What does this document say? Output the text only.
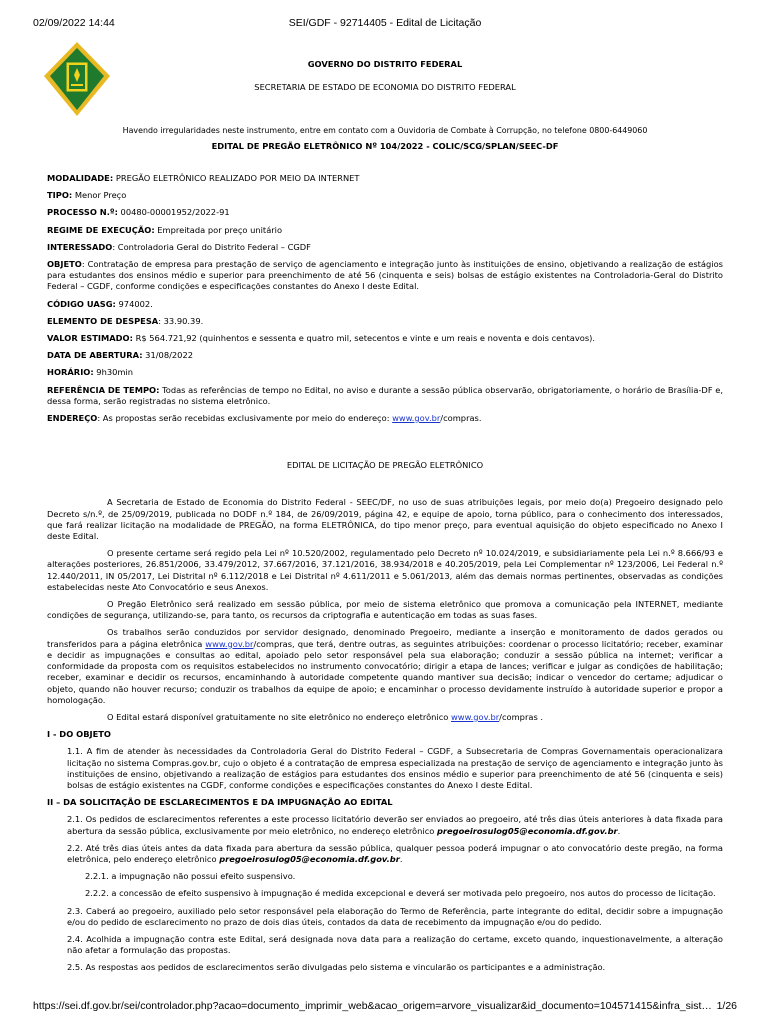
02/09/2022 14:44	SEI/GDF - 92714405 - Edital de Licitação
GOVERNO DO DISTRITO FEDERAL
SECRETARIA DE ESTADO DE ECONOMIA DO DISTRITO FEDERAL
Havendo irregularidades neste instrumento, entre em contato com a Ouvidoria de Combate à Corrupção, no telefone 0800-6449060
EDITAL DE PREGÃO ELETRÔNICO Nº 104/2022 - COLIC/SCG/SPLAN/SEEC-DF

MODALIDADE: PREGÃO ELETRÔNICO REALIZADO POR MEIO DA INTERNET

TIPO: Menor Preço

PROCESSO N.º: 00480-00001952/2022-91

REGIME DE EXECUÇÃO: Empreitada por preço unitário

INTERESSADO: Controladoria Geral do Distrito Federal – CGDF

OBJETO: Contratação de empresa para prestação de serviço de agenciamento e integração junto às instituições de ensino, objetivando a realização de estágios para estudantes dos ensinos médio e superior para preenchimento de até 56 (cinquenta e seis) bolsas de estágio existentes na Controladoria-Geral do Distrito Federal – CGDF, conforme condições e especificações constantes do Anexo I deste Edital.

CÓDIGO UASG: 974002.

ELEMENTO DE DESPESA: 33.90.39.

VALOR ESTIMADO: R$ 564.721,92 (quinhentos e sessenta e quatro mil, setecentos e vinte e um reais e noventa e dois centavos).

DATA DE ABERTURA: 31/08/2022

HORÁRIO: 9h30min

REFERÊNCIA DE TEMPO: Todas as referências de tempo no Edital, no aviso e durante a sessão pública observarão, obrigatoriamente, o horário de Brasília-DF e, dessa forma, serão registradas no sistema eletrônico.

ENDEREÇO: As propostas serão recebidas exclusivamente por meio do endereço: www.gov.br/compras.

EDITAL DE LICITAÇÃO DE PREGÃO ELETRÔNICO

A Secretaria de Estado de Economia do Distrito Federal - SEEC/DF, no uso de suas atribuições legais, por meio do(a) Pregoeiro designado pelo Decreto s/n.º, de 25/09/2019, publicada no DODF n.º 184, de 26/09/2019, página 42, e equipe de apoio, torna público, para o conhecimento dos interessados, que fará realizar licitação na modalidade de PREGÃO, na forma ELETRÔNICA, do tipo menor preço, para eventual aquisição do objeto especificado no Anexo I deste Edital.

O presente certame será regido pela Lei nº 10.520/2002, regulamentado pelo Decreto nº 10.024/2019, e subsidiariamente pela Lei n.º 8.666/93 e alterações posteriores, 26.851/2006, 33.479/2012, 37.667/2016, 37.121/2016, 38.934/2018 e 40.205/2019, pela Lei Complementar nº 123/2006, Lei Federal n.º 12.440/2011, IN 05/2017, Lei Distrital nº 6.112/2018 e Lei Distrital nº 4.611/2011 e 5.061/2013, além das demais normas pertinentes, observadas as condições estabelecidas neste Ato Convocatório e seus Anexos.

O Pregão Eletrônico será realizado em sessão pública, por meio de sistema eletrônico que promova a comunicação pela INTERNET, mediante condições de segurança, utilizando-se, para tanto, os recursos da criptografia e autenticação em todas as suas fases.

Os trabalhos serão conduzidos por servidor designado, denominado Pregoeiro, mediante a inserção e monitoramento de dados gerados ou transferidos para a página eletrônica www.gov.br/compras, que terá, dentre outras, as seguintes atribuições: coordenar o processo licitatório; receber, examinar e decidir as impugnações e consultas ao edital, apoiado pelo setor responsável pela sua elaboração; conduzir a sessão pública na internet; verificar a conformidade da proposta com os requisitos estabelecidos no instrumento convocatório; dirigir a etapa de lances; verificar e julgar as condições de habilitação; receber, examinar e decidir os recursos, encaminhando à autoridade competente quando mantiver sua decisão; indicar o vencedor do certame; adjudicar o objeto, quando não houver recurso; conduzir os trabalhos da equipe de apoio; e encaminhar o processo devidamente instruído à autoridade superior e propor a homologação.

O Edital estará disponível gratuitamente no site eletrônico no endereço eletrônico www.gov.br/compras .

I - DO OBJETO

1.1. A fim de atender às necessidades da Controladoria Geral do Distrito Federal – CGDF, a Subsecretaria de Compras Governamentais operacionalizara licitação no sistema Compras.gov.br, cujo o objeto é a contratação de empresa especializada na prestação de serviço de agenciamento e integração junto às instituições de ensino, objetivando a realização de estágios para estudantes dos ensinos médio e superior para preenchimento de até 56 (cinquenta e seis) bolsas de estágio existentes na CGDF, conforme condições e especificações constantes do Anexo I deste Edital.

II – DA SOLICITAÇÃO DE ESCLARECIMENTOS E DA IMPUGNAÇÃO AO EDITAL

2.1. Os pedidos de esclarecimentos referentes a este processo licitatório deverão ser enviados ao pregoeiro, até três dias úteis anteriores à data fixada para abertura da sessão pública, exclusivamente por meio eletrônico, no endereço eletrônico pregoeirosulog05@economia.df.gov.br.

2.2. Até três dias úteis antes da data fixada para abertura da sessão pública, qualquer pessoa poderá impugnar o ato convocatório deste pregão, na forma eletrônica, pelo endereço eletrônico pregoeirosulog05@economia.df.gov.br.

2.2.1. a impugnação não possui efeito suspensivo.

2.2.2. a concessão de efeito suspensivo à impugnação é medida excepcional e deverá ser motivada pelo pregoeiro, nos autos do processo de licitação.

2.3. Caberá ao pregoeiro, auxiliado pelo setor responsável pela elaboração do Termo de Referência, parte integrante do edital, decidir sobre a impugnação e/ou do pedido de esclarecimento no prazo de dois dias úteis, contados da data de recebimento da impugnação e/ou do pedido.

2.4. Acolhida a impugnação contra este Edital, será designada nova data para a realização do certame, exceto quando, inquestionavelmente, a alteração não afetar a formulação das propostas.

2.5. As respostas aos pedidos de esclarecimentos serão divulgadas pelo sistema e vincularão os participantes e a administração.

https://sei.df.gov.br/sei/controlador.php?acao=documento_imprimir_web&acao_origem=arvore_visualizar&id_documento=104571415&infra_sist… 1/26
